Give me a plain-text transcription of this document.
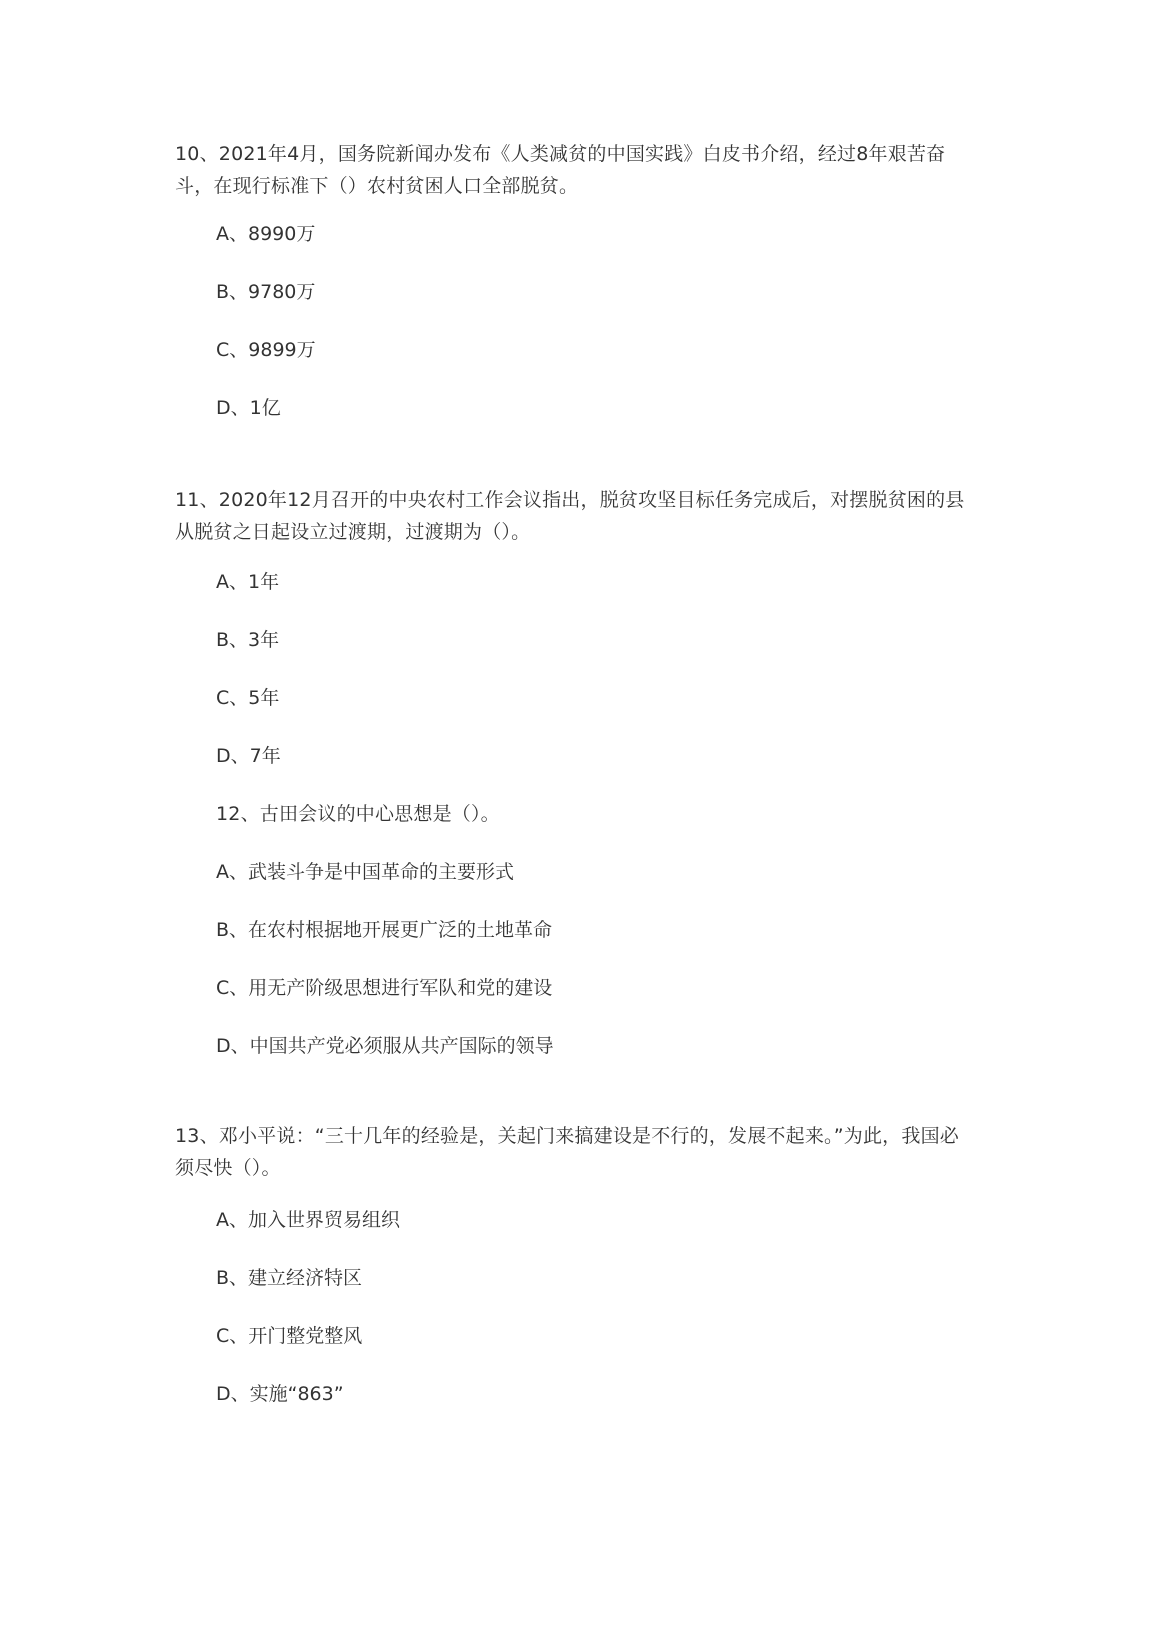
10、2021年4月，国务院新闻办发布《人类减贫的中国实践》白皮书介绍，经过8年艰苦奋斗，在现行标准下（）农村贫困人口全部脱贫。
A、8990万
B、9780万
C、9899万
D、1亿
11、2020年12月召开的中央农村工作会议指出，脱贫攻坚目标任务完成后，对摆脱贫困的县从脱贫之日起设立过渡期，过渡期为（）。
A、1年
B、3年
C、5年
D、7年
12、古田会议的中心思想是（）。
A、武装斗争是中国革命的主要形式
B、在农村根据地开展更广泛的土地革命
C、用无产阶级思想进行军队和党的建设
D、中国共产党必须服从共产国际的领导
13、邓小平说：“三十几年的经验是，关起门来搞建设是不行的，发展不起来。”为此，我国必须尽快（）。
A、加入世界贸易组织
B、建立经济特区
C、开门整党整风
D、实施“863”
